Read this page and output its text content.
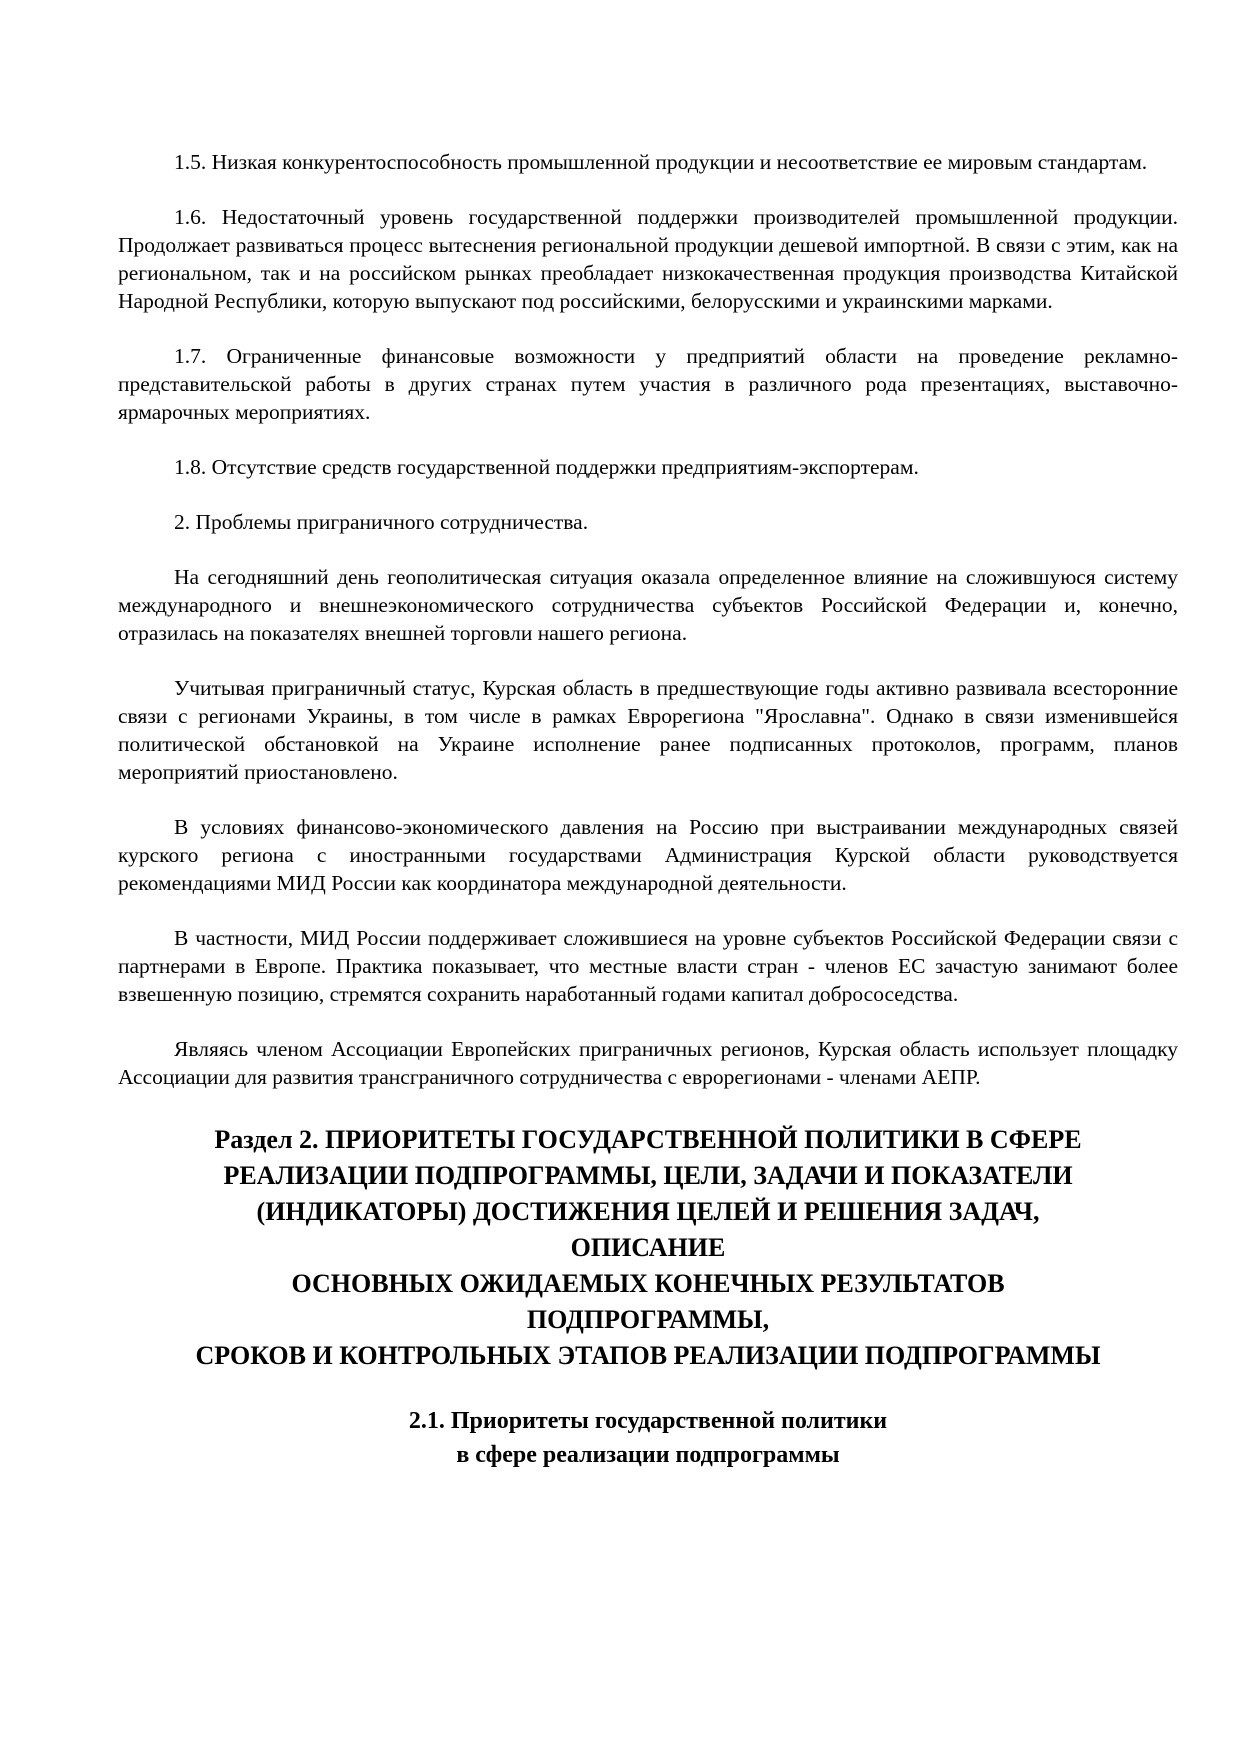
1.5. Низкая конкурентоспособность промышленной продукции и несоответствие ее мировым стандартам.

1.6. Недостаточный уровень государственной поддержки производителей промышленной продукции. Продолжает развиваться процесс вытеснения региональной продукции дешевой импортной. В связи с этим, как на региональном, так и на российском рынках преобладает низкокачественная продукция производства Китайской Народной Республики, которую выпускают под российскими, белорусскими и украинскими марками.

1.7. Ограниченные финансовые возможности у предприятий области на проведение рекламно-представительской работы в других странах путем участия в различного рода презентациях, выставочно-ярмарочных мероприятиях.

1.8. Отсутствие средств государственной поддержки предприятиям-экспортерам.

2. Проблемы приграничного сотрудничества.

На сегодняшний день геополитическая ситуация оказала определенное влияние на сложившуюся систему международного и внешнеэкономического сотрудничества субъектов Российской Федерации и, конечно, отразилась на показателях внешней торговли нашего региона.

Учитывая приграничный статус, Курская область в предшествующие годы активно развивала всесторонние связи с регионами Украины, в том числе в рамках Еврорегиона "Ярославна". Однако в связи изменившейся политической обстановкой на Украине исполнение ранее подписанных протоколов, программ, планов мероприятий приостановлено.

В условиях финансово-экономического давления на Россию при выстраивании международных связей курского региона с иностранными государствами Администрация Курской области руководствуется рекомендациями МИД России как координатора международной деятельности.

В частности, МИД России поддерживает сложившиеся на уровне субъектов Российской Федерации связи с партнерами в Европе. Практика показывает, что местные власти стран - членов ЕС зачастую занимают более взвешенную позицию, стремятся сохранить наработанный годами капитал добрососедства.

Являясь членом Ассоциации Европейских приграничных регионов, Курская область использует площадку Ассоциации для развития трансграничного сотрудничества с еврорегионами - членами АЕПР.

Раздел 2. ПРИОРИТЕТЫ ГОСУДАРСТВЕННОЙ ПОЛИТИКИ В СФЕРЕ
РЕАЛИЗАЦИИ ПОДПРОГРАММЫ, ЦЕЛИ, ЗАДАЧИ И ПОКАЗАТЕЛИ
(ИНДИКАТОРЫ) ДОСТИЖЕНИЯ ЦЕЛЕЙ И РЕШЕНИЯ ЗАДАЧ,
ОПИСАНИЕ
ОСНОВНЫХ ОЖИДАЕМЫХ КОНЕЧНЫХ РЕЗУЛЬТАТОВ
ПОДПРОГРАММЫ,
СРОКОВ И КОНТРОЛЬНЫХ ЭТАПОВ РЕАЛИЗАЦИИ ПОДПРОГРАММЫ
2.1. Приоритеты государственной политики
в сфере реализации подпрограммы
